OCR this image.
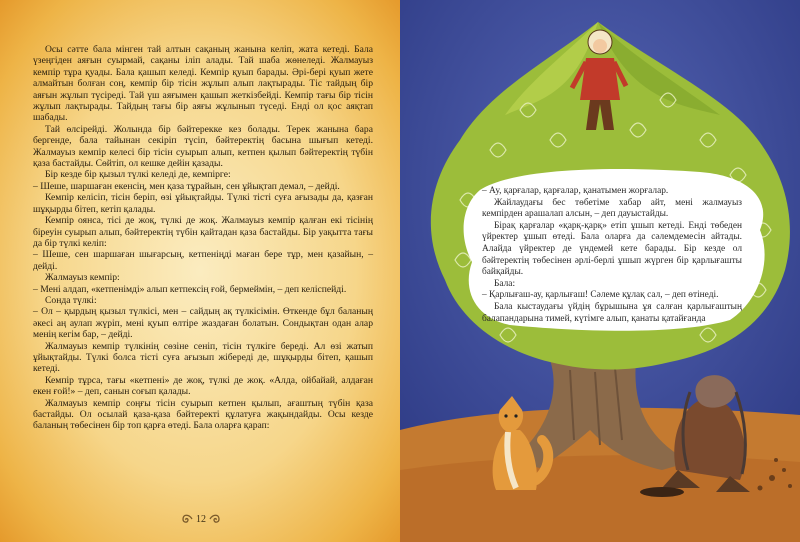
Осы сәтте бала мінген тай алтын сақаның жанына келіп, жата кетеді. Бала үзеңгіден аяғын суырмай, сақаны іліп алады. Тай шаба жөнеледі. Жалмауыз кемпір тұра қуады. Бала қашып келеді. Кемпір қуып барады. Әрі-бері қуып жете алмайтын болған соң, кемпір бір тісін жұлып алып лақтырады. Тіс тайдың бір аяғын жұлып түсіреді. Тай үш аяғымен қашып жеткізбейді. Кемпір тағы бір тісін жұлып лақтырады. Тайдың тағы бір аяғы жұлынып түседі. Енді ол қос аяқтап шабады.

Тай өлсірейді. Жолында бір бәйтерекке кез болады. Терек жанына бара бергенде, бала тайынан секіріп түсіп, бәйтеректің басына шығып кетеді. Жалмауыз кемпір келесі бір тісін суырып алып, кетпен қылып бәйтеректің түбін қаза бастайды. Сөйтіп, ол кешке дейін қазады.

Бір кезде бір қызыл түлкі келеді де, кемпірге:

– Шеше, шаршаған екенсің, мен қаза тұрайын, сен ұйықтап демал, – дейді.

Кемпір келісіп, тісін беріп, өзі ұйықтайды. Түлкі тісті суға ағызады да, қазған шұқырды бітеп, кетіп қалады.

Кемпір оянса, тісі де жоқ, түлкі де жоқ. Жалмауыз кемпір қалған екі тісінің біреуін суырып алып, бәйтеректің түбін қайтадан қаза бастайды. Бір уақытта тағы да бір түлкі келіп:

– Шеше, сен шаршаған шығарсың, кетпеніңді маған бере тұр, мен қазайын, – дейді.

Жалмауыз кемпір:

– Мені алдап, «кетпенімді» алып кетпексің ғой, бермеймін, – деп келіспейді.

Сонда түлкі:

– Ол – қырдың қызыл түлкісі, мен – сайдың ақ түлкісімін. Өткенде бұл баланың әкесі аң аулап жүріп, мені қуып өлтіре жаздаған болатын. Сондықтан одан алар менің кегім бар, – дейді.

Жалмауыз кемпір түлкінің сөзіне сеніп, тісін түлкіге береді. Ал өзі жатып ұйықтайды. Түлкі болса тісті суға ағызып жібереді де, шұқырды бітеп, қашып кетеді.

Кемпір тұрса, тағы «кетпені» де жоқ, түлкі де жоқ. «Алда, ойбайай, алдаған екен ғой!» – деп, санын соғып қалады.

Жалмауыз кемпір соңғы тісін суырып кетпен қылып, ағаштың түбін қаза бастайды. Ол осылай қаза-қаза бәйтеректі құлатуға жақындайды. Осы кезде баланың төбесінен бір топ қарға өтеді. Бала оларға қарап:

12

– Ау, қарғалар, қарғалар, қанатымен жорғалар.

Жайлаудағы бес төбетіме хабар айт, мені жалмауыз кемпірден арашалап алсын, – деп дауыстайды.

Бірақ қарғалар «қарқ-қарқ» етіп ұшып кетеді. Енді төбеден үйректер ұшып өтеді. Бала оларға да сәлемдемесін айтады. Алайда үйректер де үндемей кете барады. Бір кезде ол бәйтеректің төбесінен әрлі-берлі ұшып жүрген бір қарлығашты байқайды.

Бала:

– Қарлығаш-ау, қарлығаш! Сәлеме құлақ сал, – деп өтінеді.

Бала кыстаудағы үйдің бұрышына ұя салған қарлығаштың балапандарына тимей, күтімге алып, қанаты қатайғанда
